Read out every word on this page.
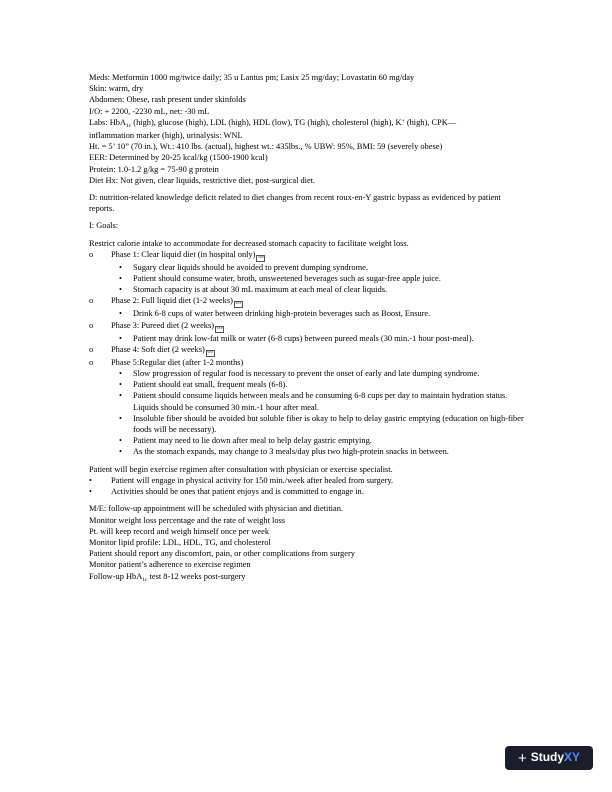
Meds: Metformin 1000 mg/twice daily; 35 u Lantus pm; Lasix 25 mg/day; Lovastatin 60 mg/day
Skin: warm, dry
Abdomen: Obese, rash present under skinfolds
I/O: + 2200, -2230 mL, net: -30 mL
Labs: HbA$_{1c}$ (high), glucose (high), LDL (high), HDL (low), TG (high), cholesterol (high), K+ (high), CPK—
inflammation marker (high), urinalysis: WNL
Ht. = 5’ 10” (70 in.), Wt.: 410 lbs. (actual), highest wt.: 435lbs., % UBW: 95%, BMI: 59 (severely obese)
EER: Determined by 20-25 kcal/kg (1500-1900 kcal)
Protein: 1.0-1.2 g/kg = 75-90 g protein
Diet Hx: Not given, clear liquids, restrictive diet, post-surgical diet.
D: nutrition-related knowledge deficit related to diet changes from recent roux-en-Y gastric bypass as evidenced by patient reports.
I: Goals:
Restrict calorie intake to accommodate for decreased stomach capacity to facilitate weight loss.
o Phase 1: Clear liquid diet (in hospital only) SEP
• Sugary clear liquids should be avoided to prevent dumping syndrome.
• Patient should consume water, broth, unsweetened beverages such as sugar-free apple juice.
• Stomach capacity is at about 30 mL maximum at each meal of clear liquids.
o Phase 2: Full liquid diet (1-2 weeks) SEP
• Drink 6-8 cups of water between drinking high-protein beverages such as Boost, Ensure.
o Phase 3: Pureed diet (2 weeks) SEP
• Patient may drink low-fat milk or water (6-8 cups) between pureed meals (30 min.-1 hour post-meal).
o Phase 4: Soft diet (2 weeks) SEP
o Phase 5:Regular diet (after 1-2 months)
• Slow progression of regular food is necessary to prevent the onset of early and late dumping syndrome.
• Patient should eat small, frequent meals (6-8).
• Patient should consume liquids between meals and be consuming 6-8 cups per day to maintain hydration status. Liquids should be consumed 30 min.-1 hour after meal.
• Insoluble fiber should be avoided but soluble fiber is okay to help to delay gastric emptying (education on high-fiber foods will be necessary).
• Patient may need to lie down after meal to help delay gastric emptying.
• As the stomach expands, may change to 3 meals/day plus two high-protein snacks in between.
Patient will begin exercise regimen after consultation with physician or exercise specialist.
• Patient will engage in physical activity for 150 min./week after healed from surgery.
• Activities should be ones that patient enjoys and is committed to engage in.
M/E: follow-up appointment will be scheduled with physician and dietitian.
Monitor weight loss percentage and the rate of weight loss
Pt. will keep record and weigh himself once per week
Monitor lipid profile: LDL, HDL, TG, and cholesterol
Patient should report any discomfort, pain, or other complications from surgery
Monitor patient’s adherence to exercise regimen
Follow-up HbA$_{1c}$ test 8-12 weeks post-surgery
+ Study XY
